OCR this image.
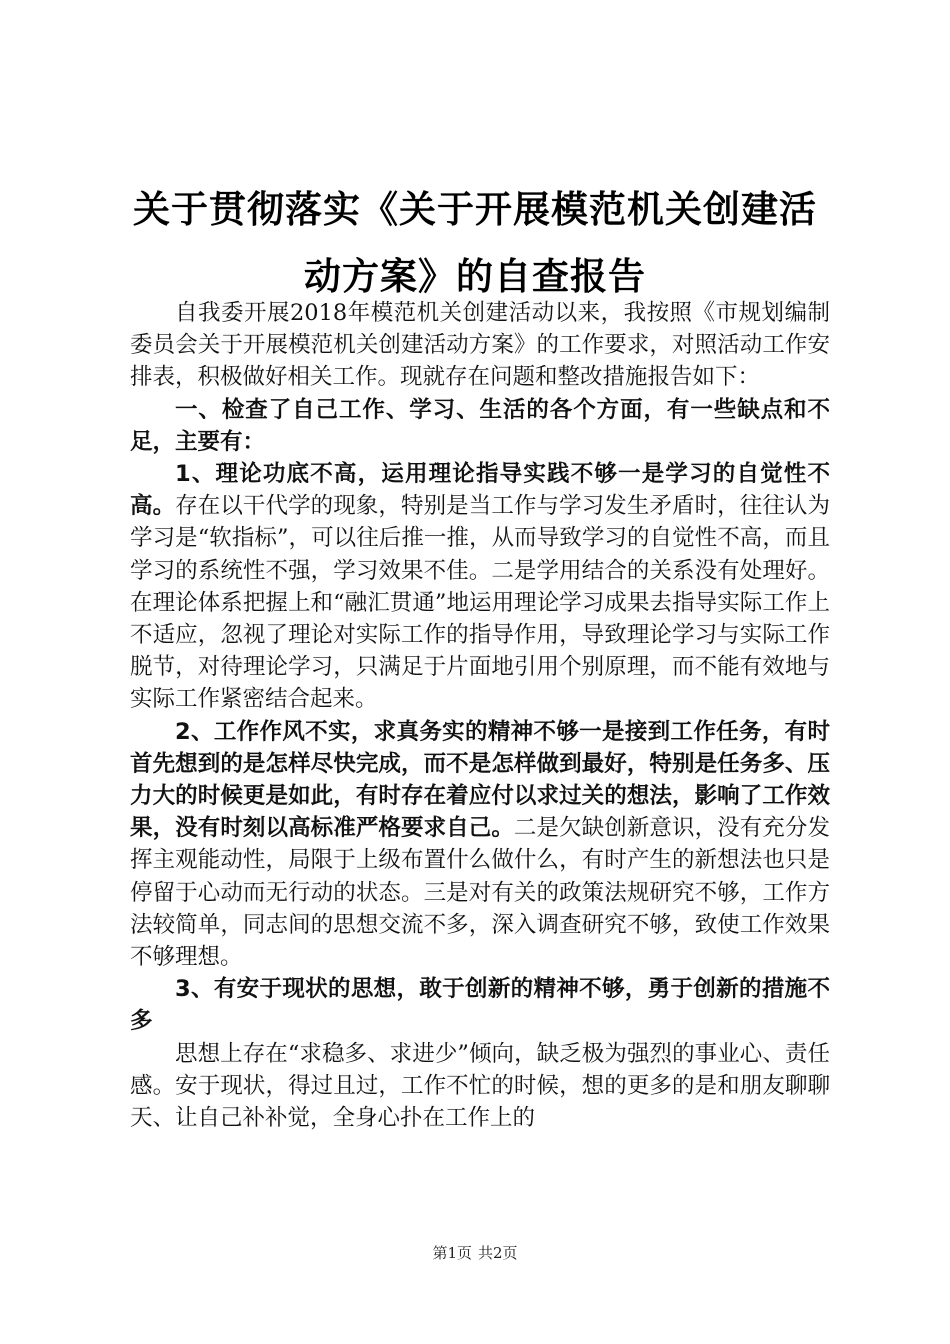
关于贯彻落实《关于开展模范机关创建活动方案》的自查报告

自我委开展2018年模范机关创建活动以来，我按照《市规划编制委员会关于开展模范机关创建活动方案》的工作要求，对照活动工作安排表，积极做好相关工作。现就存在问题和整改措施报告如下：

一、检查了自己工作、学习、生活的各个方面，有一些缺点和不足，主要有：

1、理论功底不高，运用理论指导实践不够一是学习的自觉性不高。存在以干代学的现象，特别是当工作与学习发生矛盾时，往往认为学习是“软指标”，可以往后推一推，从而导致学习的自觉性不高，而且学习的系统性不强，学习效果不佳。二是学用结合的关系没有处理好。在理论体系把握上和“融汇贯通”地运用理论学习成果去指导实际工作上不适应，忽视了理论对实际工作的指导作用，导致理论学习与实际工作脱节，对待理论学习，只满足于片面地引用个别原理，而不能有效地与实际工作紧密结合起来。

2、工作作风不实，求真务实的精神不够一是接到工作任务，有时首先想到的是怎样尽快完成，而不是怎样做到最好，特别是任务多、压力大的时候更是如此，有时存在着应付以求过关的想法，影响了工作效果，没有时刻以高标准严格要求自己。二是欠缺创新意识，没有充分发挥主观能动性，局限于上级布置什么做什么，有时产生的新想法也只是停留于心动而无行动的状态。三是对有关的政策法规研究不够，工作方法较简单，同志间的思想交流不多，深入调查研究不够，致使工作效果不够理想。

3、有安于现状的思想，敢于创新的精神不够，勇于创新的措施不多

思想上存在“求稳多、求进少”倾向，缺乏极为强烈的事业心、责任感。安于现状，得过且过，工作不忙的时候，想的更多的是和朋友聊聊天、让自己补补觉，全身心扑在工作上的

第1页 共2页
